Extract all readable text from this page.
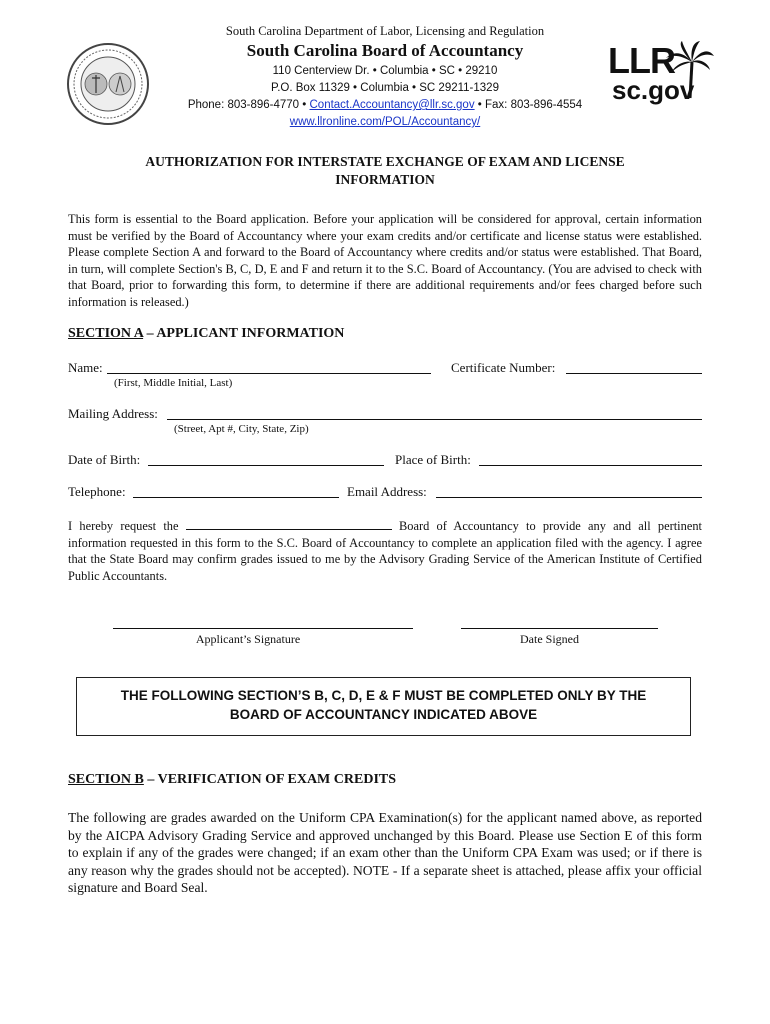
South Carolina Department of Labor, Licensing and Regulation
South Carolina Board of Accountancy
110 Centerview Dr. • Columbia • SC • 29210
P.O. Box 11329 • Columbia • SC 29211-1329
Phone: 803-896-4770 • Contact.Accountancy@llr.sc.gov • Fax: 803-896-4554
www.llronline.com/POL/Accountancy/
LLR
sc.gov
AUTHORIZATION FOR INTERSTATE EXCHANGE OF EXAM AND LICENSE
INFORMATION
This form is essential to the Board application. Before your application will be considered for approval, certain information must be verified by the Board of Accountancy where your exam credits and/or certificate and license status were established. Please complete Section A and forward to the Board of Accountancy where credits and/or status were established. That Board, in turn, will complete Section's B, C, D, E and F and return it to the S.C. Board of Accountancy. (You are advised to check with that Board, prior to forwarding this form, to determine if there are additional requirements and/or fees charged before such information is released.)
SECTION A – APPLICANT INFORMATION
Name:
(First, Middle Initial, Last)
Certificate Number:
Mailing Address:
(Street, Apt #, City, State, Zip)
Date of Birth:	Place of Birth:
Telephone:	Email Address:
I hereby request the	Board of Accountancy to provide any and all pertinent information requested in this form to the S.C. Board of Accountancy to complete an application filed with the agency. I agree that the State Board may confirm grades issued to me by the Advisory Grading Service of the American Institute of Certified Public Accountants.
Applicant’s Signature	Date Signed
THE FOLLOWING SECTION’S B, C, D, E & F MUST BE COMPLETED ONLY BY THE
BOARD OF ACCOUNTANCY INDICATED ABOVE
SECTION B – VERIFICATION OF EXAM CREDITS
The following are grades awarded on the Uniform CPA Examination(s) for the applicant named above, as reported by the AICPA Advisory Grading Service and approved unchanged by this Board. Please use Section E of this form to explain if any of the grades were changed; if an exam other than the Uniform CPA Exam was used; or if there is any reason why the grades should not be accepted). NOTE - If a separate sheet is attached, please affix your official signature and Board Seal.
